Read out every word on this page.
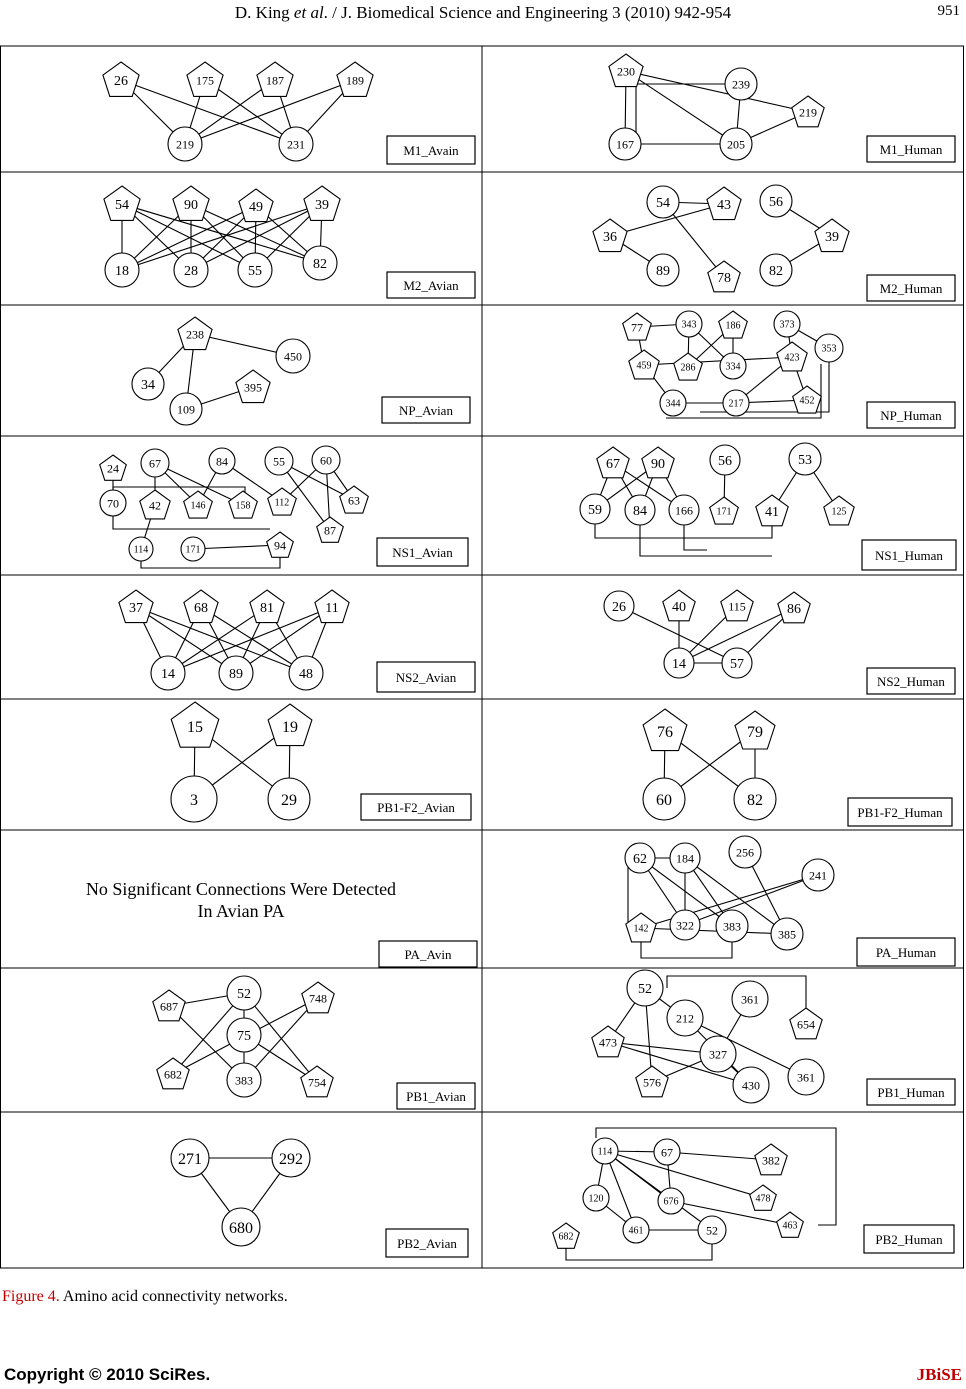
D. King et al. / J. Biomedical Science and Engineering 3 (2010) 942-954	951
26	175	187	189
219	231	M1_Avain
230
239
219
167	205	M1_Human
54	90	49	39
18	28	55	82
M2_Avian
54	43	56
36	39
89	78	82
M2_Human
238
450
34	395
109	NP_Avian
77	343	186	373
353
459	286	334
423
344	217	452
NP_Human
24	67	84	55	60
70	42	146	158 112	63
87
114	171	94	NS1_Avian
67 90	56	53
59 84 166 171 41	125
NS1_Human
37	68	81	11
14	89	48	NS2_Avian
26	40	115	86
14	57
NS2_Human
15	19
3	29	PB1-F2_Avian
76	79
60	82
PB1-F2_Human
PA_Avin
62 184	256
241
142 322 383
385
PA_Human
687
52	748
75
682	383	754
PB1_Avian
52
361
212	654
473
327
576	430
361
PB1_Human
271	292
680
PB2_Avian
114	67
382
120	676	478
682
461	52	463
PB2_Human
No Significant Connections Were Detected
In Avian PA
Figure 4. Amino acid connectivity networks.
Copyright © 2010 SciRes.	JBiSE
